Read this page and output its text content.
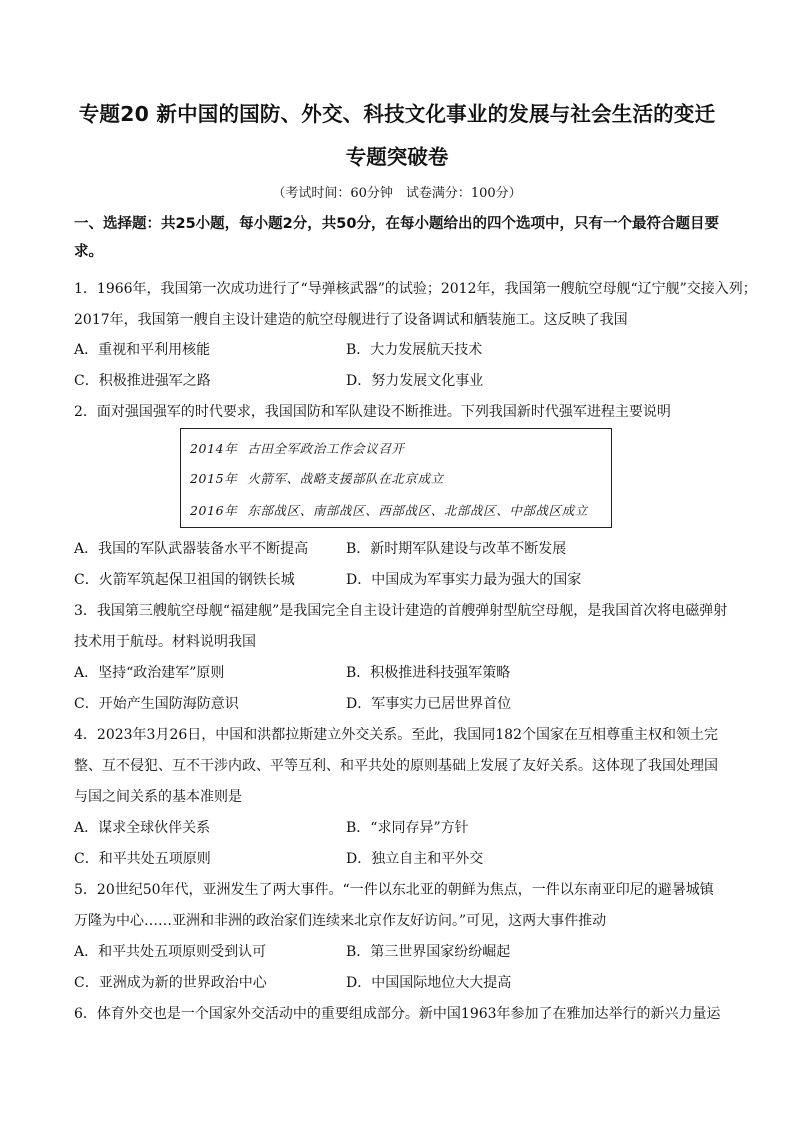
专题20 新中国的国防、外交、科技文化事业的发展与社会生活的变迁
专题突破卷
（考试时间：60分钟　试卷满分：100分）
一、选择题：共25小题，每小题2分，共50分，在每小题给出的四个选项中，只有一个最符合题目要求。
1．1966年，我国第一次成功进行了“导弹核武器”的试验；2012年，我国第一艘航空母舰“辽宁舰”交接入列；
2017年，我国第一艘自主设计建造的航空母舰进行了设备调试和舾装施工。这反映了我国
A．重视和平利用核能	B．大力发展航天技术
C．积极推进强军之路	D．努力发展文化事业
2．面对强国强军的时代要求，我国国防和军队建设不断推进。下列我国新时代强军进程主要说明
2014年 古田全军政治工作会议召开
2015年 火箭军、战略支援部队在北京成立
2016年 东部战区、南部战区、西部战区、北部战区、中部战区成立
A．我国的军队武器装备水平不断提高	B．新时期军队建设与改革不断发展
C．火箭军筑起保卫祖国的钢铁长城	D．中国成为军事实力最为强大的国家
3．我国第三艘航空母舰“福建舰”是我国完全自主设计建造的首艘弹射型航空母舰，是我国首次将电磁弹射
技术用于航母。材料说明我国
A．坚持“政治建军”原则	B．积极推进科技强军策略
C．开始产生国防海防意识	D．军事实力已居世界首位
4．2023年3月26日，中国和洪都拉斯建立外交关系。至此，我国同182个国家在互相尊重主权和领土完
整、互不侵犯、互不干涉内政、平等互利、和平共处的原则基础上发展了友好关系。这体现了我国处理国
与国之间关系的基本准则是
A．谋求全球伙伴关系	B．“求同存异”方针
C．和平共处五项原则	D．独立自主和平外交
5．20世纪50年代，亚洲发生了两大事件。“一件以东北亚的朝鲜为焦点，一件以东南亚印尼的避暑城镇
万隆为中心……亚洲和非洲的政治家们连续来北京作友好访问。”可见，这两大事件推动
A．和平共处五项原则受到认可	B．第三世界国家纷纷崛起
C．亚洲成为新的世界政治中心	D．中国国际地位大大提高
6．体育外交也是一个国家外交活动中的重要组成部分。新中国1963年参加了在雅加达举行的新兴力量运
